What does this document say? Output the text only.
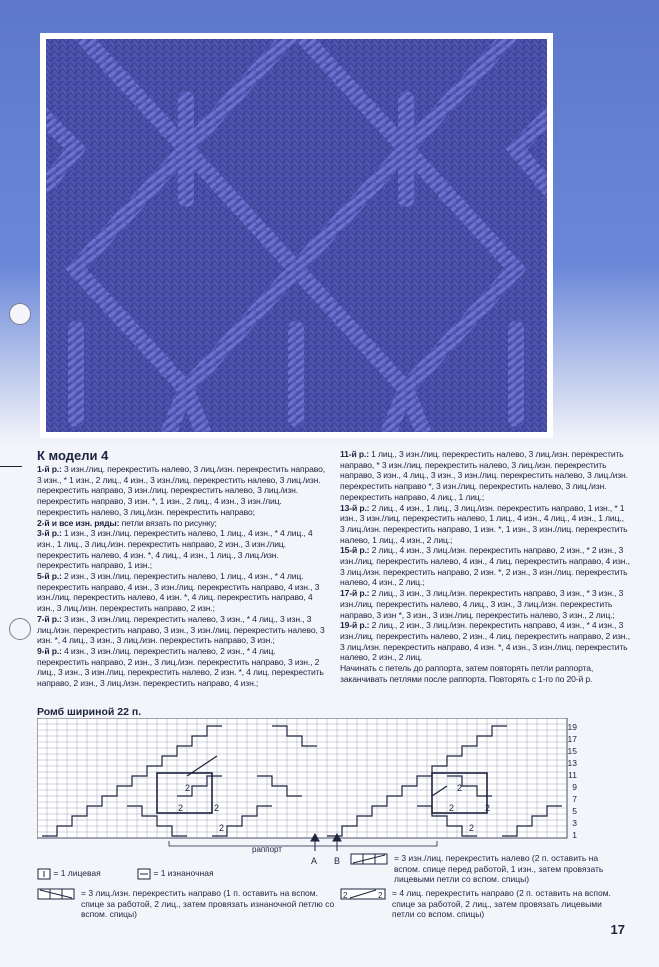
К модели 4

1-й р.: 3 изн./лиц. перекрестить налево, 3 лиц./изн. перекрестить направо, 3 изн., * 1 изн., 2 лиц., 4 изн., 3 изн./лиц. перекрестить налево, 3 лиц./изн. перекрестить направо, 3 изн./лиц. перекрестить налево, 3 лиц./изн. перекрестить направо, 3 изн. *, 1 изн., 2 лиц., 4 изн., 3 изн./лиц. перекрестить налево, 3 лиц./изн. перекрестить направо;

2-й и все изн. ряды: петли вязать по рисунку;

3-й р.: 1 изн., 3 изн./лиц. перекрестить налево, 1 лиц., 4 изн., * 4 лиц., 4 изн., 1 лиц., 3 лиц./изн. перекрестить направо, 2 изн., 3 изн./лиц. перекрестить налево, 4 изн. *, 4 лиц., 4 изн., 1 лиц., 3 лиц./изн. перекрестить направо, 1 изн.;

5-й р.: 2 изн., 3 изн./лиц. перекрестить налево, 1 лиц., 4 изн., * 4 лиц. перекрестить направо, 4 изн., 3 изн./лиц. перекрестить направо, 4 изн., 3 изн./лиц. перекрестить налево, 4 изн. *, 4 лиц. перекрестить направо, 4 изн., 3 лиц./изн. перекрестить направо, 2 изн.;

7-й р.: 3 изн., 3 изн./лиц. перекрестить налево, 3 изн., * 4 лиц., 3 изн., 3 лиц./изн. перекрестить направо, 3 изн., 3 изн./лиц. перекрестить налево, 3 изн. *, 4 лиц., 3 изн., 3 лиц./изн. перекрестить направо, 3 изн.;

9-й р.: 4 изн., 3 изн./лиц. перекрестить налево, 2 изн., * 4 лиц. перекрестить направо, 2 изн., 3 лиц./изн. перекрестить направо, 3 изн., 2 лиц., 3 изн., 3 изн./лиц. перекрестить налево, 2 изн. *, 4 лиц. перекрестить направо, 2 изн., 3 лиц./изн. перекрестить направо, 4 изн.;

11-й р.: 1 лиц., 3 изн./лиц. перекрестить налево, 3 лиц./изн. перекрестить направо, * 3 изн./лиц. перекрестить налево, 3 лиц./изн. перекрестить направо, 3 изн., 4 лиц., 3 изн., 3 изн./лиц. перекрестить налево, 3 лиц./изн. перекрестить направо *, 3 изн./лиц. перекрестить налево, 3 лиц./изн. перекрестить направо, 4 лиц., 1 лиц.;

13-й р.: 2 лиц., 4 изн., 1 лиц., 3 лиц./изн. перекрестить направо, 1 изн., * 1 изн., 3 изн./лиц. перекрестить налево, 1 лиц., 4 изн., 4 лиц., 4 изн., 1 лиц., 3 лиц./изн. перекрестить направо, 1 изн. *, 1 изн., 3 изн./лиц. перекрестить налево, 1 лиц., 4 изн., 2 лиц.;

15-й р.: 2 лиц., 4 изн., 3 лиц./изн. перекрестить направо, 2 изн., * 2 изн., 3 изн./лиц. перекрестить налево, 4 изн., 4 лиц. перекрестить направо, 4 изн., 3 лиц./изн. перекрестить направо, 2 изн. *, 2 изн., 3 изн./лиц. перекрестить налево, 4 изн., 2 лиц.;

17-й р.: 2 лиц., 3 изн., 3 лиц./изн. перекрестить направо, 3 изн., * 3 изн., 3 изн./лиц. перекрестить налево, 4 лиц., 3 изн., 3 лиц./изн. перекрестить направо, 3 изн *, 3 изн., 3 изн./лиц. перекрестить налево, 3 изн., 2 лиц.;

19-й р.: 2 лиц., 2 изн., 3 лиц./изн. перекрестить направо, 4 изн., * 4 изн., 3 изн./лиц. перекрестить налево, 2 изн., 4 лиц. перекрестить направо, 2 изн., 3 лиц./изн. перекрестить направо, 4 изн. *, 4 изн., 3 изн./лиц. перекрестить налево, 2 изн., 2 лиц.

Начинать с петель до раппорта, затем повторять петли раппорта, заканчивать петлями после раппорта. Повторять с 1-го по 20-й р.

Ромб шириной 22 п.
2
2
2
2
2
2
2
2
19
17
15
13
11
9
7
5
3
1
раппорт
A B
= 1 лицевая	= 1 изнаночная
= 3 изн./лиц. перекрестить налево (2 п. оставить на вспом. спице перед работой, 1 изн., затем провязать лицевыми петли со вспом. спицы)
= 3 лиц./изн. перекрестить направо (1 п. оставить на вспом. спице за работой, 2 лиц., затем провязать изнаночной петлю со вспом. спицы)
2	2 = 4 лиц. перекрестить направо (2 п. оставить на вспом. спице за работой, 2 лиц., затем провязать лицевыми петли со вспом. спицы)
17
